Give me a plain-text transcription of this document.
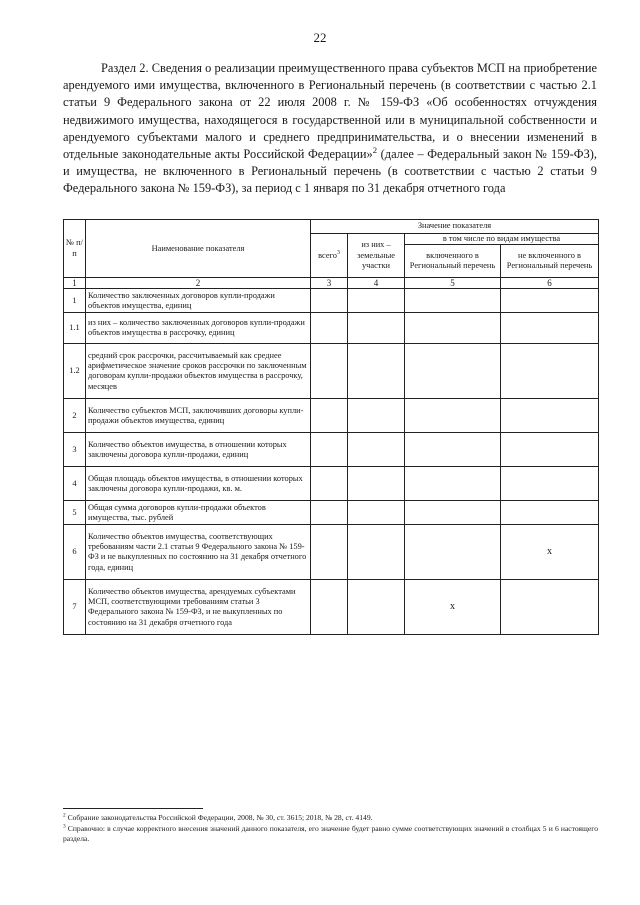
22

Раздел 2. Сведения о реализации преимущественного права субъектов МСП на приобретение арендуемого ими имущества, включенного в Региональный перечень (в соответствии с частью 2.1 статьи 9 Федерального закона от 22 июля 2008 г. № 159-ФЗ «Об особенностях отчуждения недвижимого имущества, находящегося в государственной или в муниципальной собственности и арендуемого субъектами малого и среднего предпринимательства, и о внесении изменений в отдельные законодательные акты Российской Федерации»$^2$ (далее – Федеральный закон № 159-ФЗ), и имущества, не включенного в Региональный перечень (в соответствии с частью 2 статьи 9 Федерального закона № 159-ФЗ), за период с 1 января по 31 декабря отчетного года

№ п/п	Наименование показателя	Значение показателя			
		всего$^3$	из них – земельные участки	в том числе по видам имущества	
				включенного в Региональный перечень	не включенного в Региональный перечень
1	2	3	4	5	6
1	Количество заключенных договоров купли-продажи объектов имущества, единиц				
1.1	из них – количество заключенных договоров купли-продажи объектов имущества в рассрочку, единиц				
1.2	средний срок рассрочки, рассчитываемый как среднее арифметическое значение сроков рассрочки по заключенным договорам купли-продажи объектов имущества в рассрочку, месяцев				
2	Количество субъектов МСП, заключивших договоры купли-продажи объектов имущества, единиц				
3	Количество объектов имущества, в отношении которых заключены договора купли-продажи, единиц				
4	Общая площадь объектов имущества, в отношении которых заключены договора купли-продажи, кв. м.				
5	Общая сумма договоров купли-продажи объектов имущества, тыс. рублей				
6	Количество объектов имущества, соответствующих требованиям части 2.1 статьи 9 Федерального закона № 159-ФЗ и не выкупленных по состоянию на 31 декабря отчетного года, единиц				x
7	Количество объектов имущества, арендуемых субъектами МСП, соответствующими требованиям статьи 3 Федерального закона № 159-ФЗ, и не выкупленных по состоянию на 31 декабря отчетного года			x	

$^2$ Собрание законодательства Российской Федерации, 2008, № 30, ст. 3615; 2018, № 28, ст. 4149.

$^3$ Справочно: в случае корректного внесения значений данного показателя, его значение будет равно сумме соответствующих значений в столбцах 5 и 6 настоящего раздела.
